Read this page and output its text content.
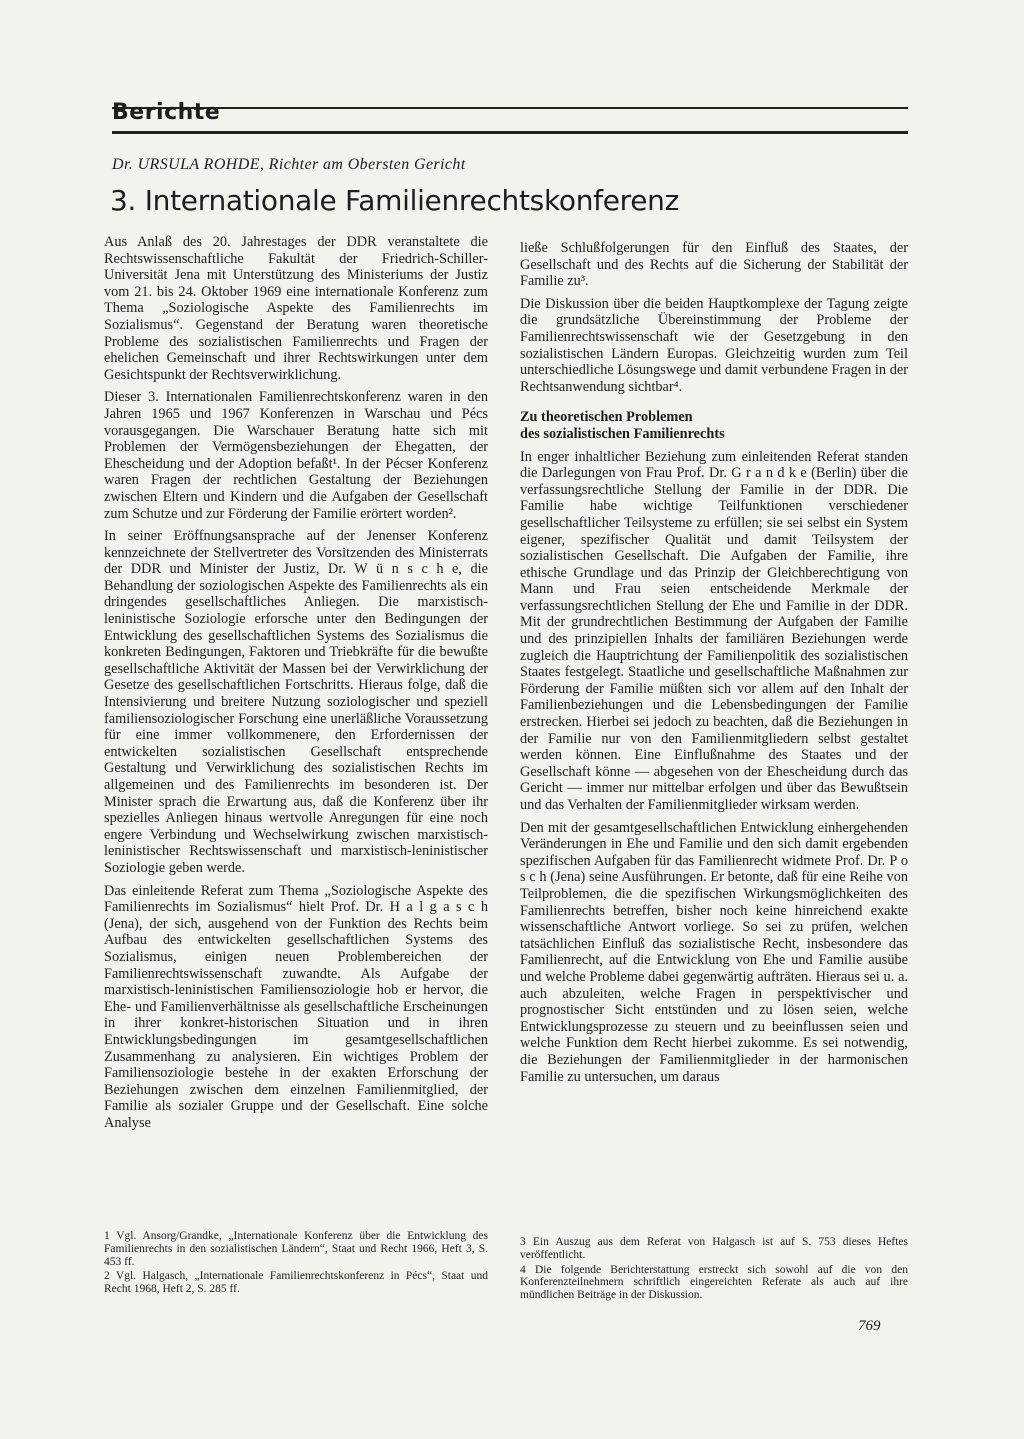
Berichte
Dr. URSULA ROHDE, Richter am Obersten Gericht
3. Internationale Familienrechtskonferenz

Aus Anlaß des 20. Jahrestages der DDR veranstaltete die Rechtswissenschaftliche Fakultät der Friedrich-Schiller-Universität Jena mit Unterstützung des Ministeriums der Justiz vom 21. bis 24. Oktober 1969 eine internationale Konferenz zum Thema „Soziologische Aspekte des Familienrechts im Sozialismus“. Gegenstand der Beratung waren theoretische Probleme des sozialistischen Familienrechts und Fragen der ehelichen Gemeinschaft und ihrer Rechtswirkungen unter dem Gesichtspunkt der Rechtsverwirklichung.

Dieser 3. Internationalen Familienrechtskonferenz waren in den Jahren 1965 und 1967 Konferenzen in Warschau und Pécs vorausgegangen. Die Warschauer Beratung hatte sich mit Problemen der Vermögensbeziehungen der Ehegatten, der Ehescheidung und der Adoption befaßt¹. In der Pécser Konferenz waren Fragen der rechtlichen Gestaltung der Beziehungen zwischen Eltern und Kindern und die Aufgaben der Gesellschaft zum Schutze und zur Förderung der Familie erörtert worden².

In seiner Eröffnungsansprache auf der Jenenser Konferenz kennzeichnete der Stellvertreter des Vorsitzenden des Ministerrats der DDR und Minister der Justiz, Dr. W ü n s c h e, die Behandlung der soziologischen Aspekte des Familienrechts als ein dringendes gesellschaftliches Anliegen. Die marxistisch-leninistische Soziologie erforsche unter den Bedingungen der Entwicklung des gesellschaftlichen Systems des Sozialismus die konkreten Bedingungen, Faktoren und Triebkräfte für die bewußte gesellschaftliche Aktivität der Massen bei der Verwirklichung der Gesetze des gesellschaftlichen Fortschritts. Hieraus folge, daß die Intensivierung und breitere Nutzung soziologischer und speziell familiensoziologischer Forschung eine unerläßliche Voraussetzung für eine immer vollkommenere, den Erfordernissen der entwickelten sozialistischen Gesellschaft entsprechende Gestaltung und Verwirklichung des sozialistischen Rechts im allgemeinen und des Familienrechts im besonderen ist. Der Minister sprach die Erwartung aus, daß die Konferenz über ihr spezielles Anliegen hinaus wertvolle Anregungen für eine noch engere Verbindung und Wechselwirkung zwischen marxistisch-leninistischer Rechtswissenschaft und marxistisch-leninistischer Soziologie geben werde.

Das einleitende Referat zum Thema „Soziologische Aspekte des Familienrechts im Sozialismus“ hielt Prof. Dr. H a l g a s c h (Jena), der sich, ausgehend von der Funktion des Rechts beim Aufbau des entwickelten gesellschaftlichen Systems des Sozialismus, einigen neuen Problembereichen der Familienrechtswissenschaft zuwandte. Als Aufgabe der marxistisch-leninistischen Familiensoziologie hob er hervor, die Ehe- und Familienverhältnisse als gesellschaftliche Erscheinungen in ihrer konkret-historischen Situation und in ihren Entwicklungsbedingungen im gesamtgesellschaftlichen Zusammenhang zu analysieren. Ein wichtiges Problem der Familiensoziologie bestehe in der exakten Erforschung der Beziehungen zwischen dem einzelnen Familienmitglied, der Familie als sozialer Gruppe und der Gesellschaft. Eine solche Analyse

ließe Schlußfolgerungen für den Einfluß des Staates, der Gesellschaft und des Rechts auf die Sicherung der Stabilität der Familie zu³.

Die Diskussion über die beiden Hauptkomplexe der Tagung zeigte die grundsätzliche Übereinstimmung der Probleme der Familienrechtswissenschaft wie der Gesetzgebung in den sozialistischen Ländern Europas. Gleichzeitig wurden zum Teil unterschiedliche Lösungswege und damit verbundene Fragen in der Rechtsanwendung sichtbar⁴.

Zu theoretischen Problemen
des sozialistischen Familienrechts

In enger inhaltlicher Beziehung zum einleitenden Referat standen die Darlegungen von Frau Prof. Dr. G r a n d k e (Berlin) über die verfassungsrechtliche Stellung der Familie in der DDR. Die Familie habe wichtige Teilfunktionen verschiedener gesellschaftlicher Teilsysteme zu erfüllen; sie sei selbst ein System eigener, spezifischer Qualität und damit Teilsystem der sozialistischen Gesellschaft. Die Aufgaben der Familie, ihre ethische Grundlage und das Prinzip der Gleichberechtigung von Mann und Frau seien entscheidende Merkmale der verfassungsrechtlichen Stellung der Ehe und Familie in der DDR. Mit der grundrechtlichen Bestimmung der Aufgaben der Familie und des prinzipiellen Inhalts der familiären Beziehungen werde zugleich die Hauptrichtung der Familienpolitik des sozialistischen Staates festgelegt. Staatliche und gesellschaftliche Maßnahmen zur Förderung der Familie müßten sich vor allem auf den Inhalt der Familienbeziehungen und die Lebensbedingungen der Familie erstrecken. Hierbei sei jedoch zu beachten, daß die Beziehungen in der Familie nur von den Familienmitgliedern selbst gestaltet werden können. Eine Einflußnahme des Staates und der Gesellschaft könne — abgesehen von der Ehescheidung durch das Gericht — immer nur mittelbar erfolgen und über das Bewußtsein und das Verhalten der Familienmitglieder wirksam werden.

Den mit der gesamtgesellschaftlichen Entwicklung einhergehenden Veränderungen in Ehe und Familie und den sich damit ergebenden spezifischen Aufgaben für das Familienrecht widmete Prof. Dr. P o s c h (Jena) seine Ausführungen. Er betonte, daß für eine Reihe von Teilproblemen, die die spezifischen Wirkungsmöglichkeiten des Familienrechts betreffen, bisher noch keine hinreichend exakte wissenschaftliche Antwort vorliege. So sei zu prüfen, welchen tatsächlichen Einfluß das sozialistische Recht, insbesondere das Familienrecht, auf die Entwicklung von Ehe und Familie ausübe und welche Probleme dabei gegenwärtig aufträten. Hieraus sei u. a. auch abzuleiten, welche Fragen in perspektivischer und prognostischer Sicht entstünden und zu lösen seien, welche Entwicklungsprozesse zu steuern und zu beeinflussen seien und welche Funktion dem Recht hierbei zukomme. Es sei notwendig, die Beziehungen der Familienmitglieder in der harmonischen Familie zu untersuchen, um daraus

1 Vgl. Ansorg/Grandke, „Internationale Konferenz über die Entwicklung des Familienrechts in den sozialistischen Ländern“, Staat und Recht 1966, Heft 3, S. 453 ff.

2 Vgl. Halgasch, „Internationale Familienrechtskonferenz in Pécs“, Staat und Recht 1968, Heft 2, S. 285 ff.

3 Ein Auszug aus dem Referat von Halgasch ist auf S. 753 dieses Heftes veröffentlicht.

4 Die folgende Berichterstattung erstreckt sich sowohl auf die von den Konferenzteilnehmern schriftlich eingereichten Referate als auch auf ihre mündlichen Beiträge in der Diskussion.

769
